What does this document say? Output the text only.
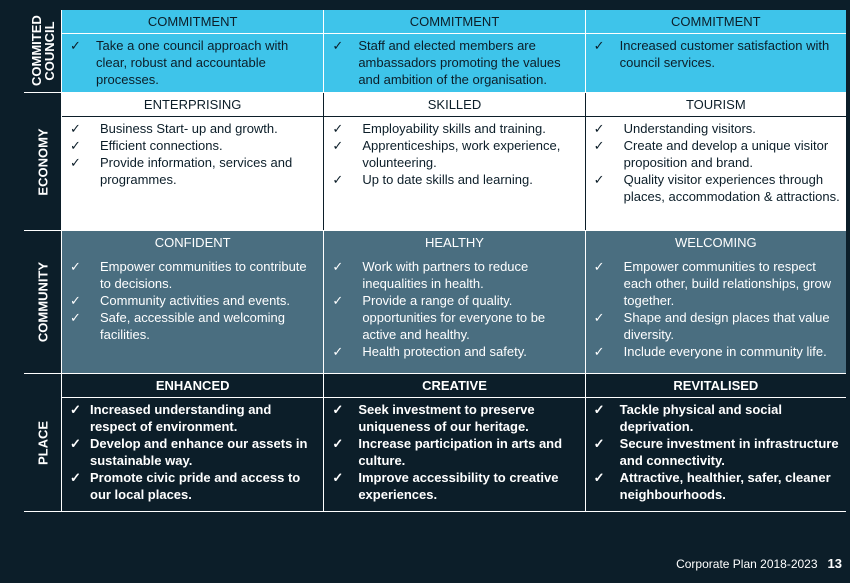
COMMITED COUNCIL	COMMITMENT
✓ Take a one council approach with clear, robust and accountable processes.
COMMITMENT
✓ Staff and elected members are ambassadors promoting the values and ambition of the organisation.
COMMITMENT
✓ Increased customer satisfaction with council services.
ECONOMY
ENTERPRISING
✓ Business Start- up and growth.
✓ Efficient connections.
✓ Provide information, services and programmes.
SKILLED
✓ Employability skills and training.
✓ Apprenticeships, work experience, volunteering.
✓ Up to date skills and learning.
TOURISM
✓ Understanding visitors.
✓ Create and develop a unique visitor proposition and brand.
✓ Quality visitor experiences through places, accommodation & attractions.
COMMUNITY
CONFIDENT
✓ Empower communities to contribute to decisions.
✓ Community activities and events.
✓ Safe, accessible and welcoming facilities.
HEALTHY
✓ Work with partners to reduce inequalities in health.
✓ Provide a range of quality. opportunities for everyone to be active and healthy.
✓ Health protection and safety.
WELCOMING
✓ Empower communities to respect each other, build relationships, grow together.
✓ Shape and design places that value diversity.
✓ Include everyone in community life.
PLACE
ENHANCED
✓ Increased understanding and respect of environment.
✓ Develop and enhance our assets in sustainable way.
✓ Promote civic pride and access to our local places.
CREATIVE
✓ Seek investment to preserve uniqueness of our heritage.
✓ Increase participation in arts and culture.
✓ Improve accessibility to creative experiences.
REVITALISED
✓ Tackle physical and social deprivation.
✓ Secure investment in infrastructure and connectivity.
✓ Attractive, healthier, safer, cleaner neighbourhoods.
Corporate Plan 2018-2023 13
